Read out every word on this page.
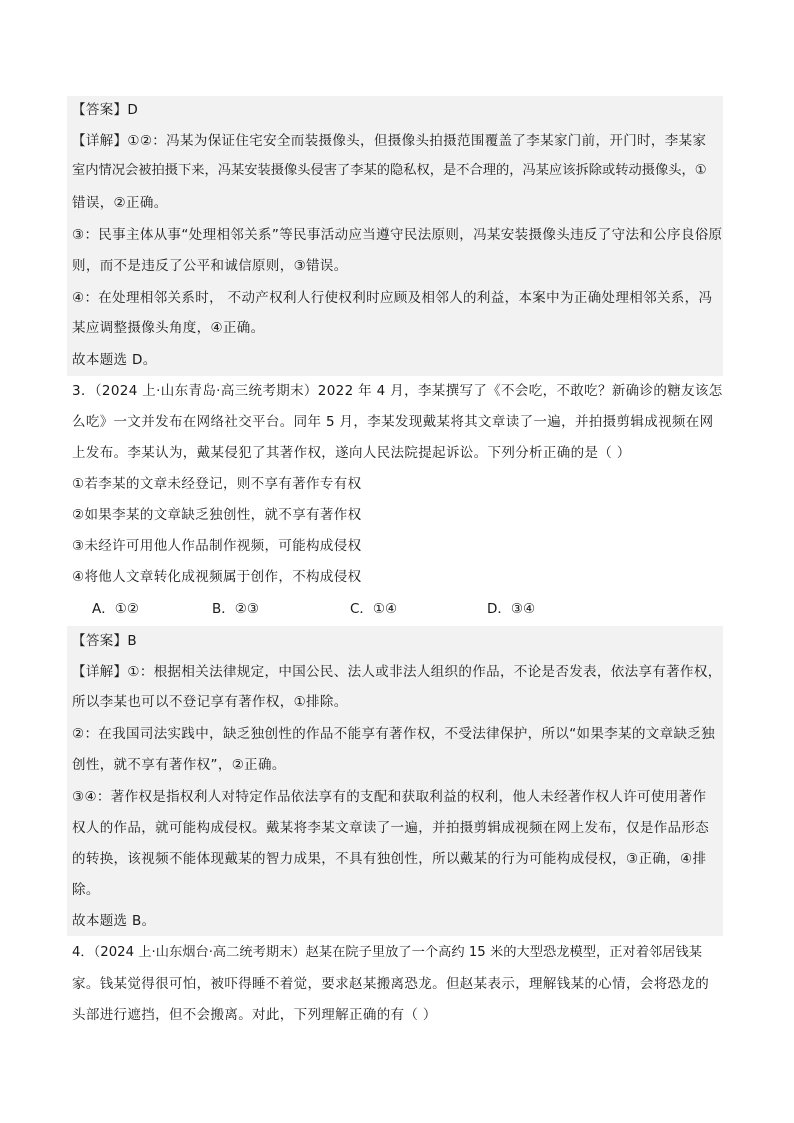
【答案】D
【详解】①②：冯某为保证住宅安全而装摄像头，但摄像头拍摄范围覆盖了李某家门前，开门时，李某家
室内情况会被拍摄下来，冯某安装摄像头侵害了李某的隐私权，是不合理的，冯某应该拆除或转动摄像头，①
错误，②正确。
③：民事主体从事“处理相邻关系”等民事活动应当遵守民法原则，冯某安装摄像头违反了守法和公序良俗原
则，而不是违反了公平和诚信原则，③错误。
④：在处理相邻关系时， 不动产权利人行使权利时应顾及相邻人的利益，本案中为正确处理相邻关系，冯
某应调整摄像头角度，④正确。
故本题选 D。
3．（2024 上·山东青岛·高三统考期末）2022 年 4 月，李某撰写了《不会吃，不敢吃？新确诊的糖友该怎
么吃》一文并发布在网络社交平台。同年 5 月，李某发现戴某将其文章读了一遍，并拍摄剪辑成视频在网
上发布。李某认为，戴某侵犯了其著作权，遂向人民法院提起诉讼。下列分析正确的是（ ）
①若李某的文章未经登记，则不享有著作专有权
②如果李某的文章缺乏独创性，就不享有著作权
③未经许可用他人作品制作视频，可能构成侵权
④将他人文章转化成视频属于创作，不构成侵权
A．①②	B．②③	C．①④	D．③④
【答案】B
【详解】①：根据相关法律规定，中国公民、法人或非法人组织的作品，不论是否发表，依法享有著作权，
所以李某也可以不登记享有著作权，①排除。
②：在我国司法实践中，缺乏独创性的作品不能享有著作权，不受法律保护，所以“如果李某的文章缺乏独
创性，就不享有著作权”，②正确。
③④：著作权是指权利人对特定作品依法享有的支配和获取利益的权利，他人未经著作权人许可使用著作
权人的作品，就可能构成侵权。戴某将李某文章读了一遍，并拍摄剪辑成视频在网上发布，仅是作品形态
的转换，该视频不能体现戴某的智力成果，不具有独创性，所以戴某的行为可能构成侵权，③正确，④排
除。
故本题选 B。
4．（2024 上·山东烟台·高二统考期末）赵某在院子里放了一个高约 15 米的大型恐龙模型，正对着邻居钱某
家。钱某觉得很可怕，被吓得睡不着觉，要求赵某搬离恐龙。但赵某表示，理解钱某的心情，会将恐龙的
头部进行遮挡，但不会搬离。对此，下列理解正确的有（ ）
